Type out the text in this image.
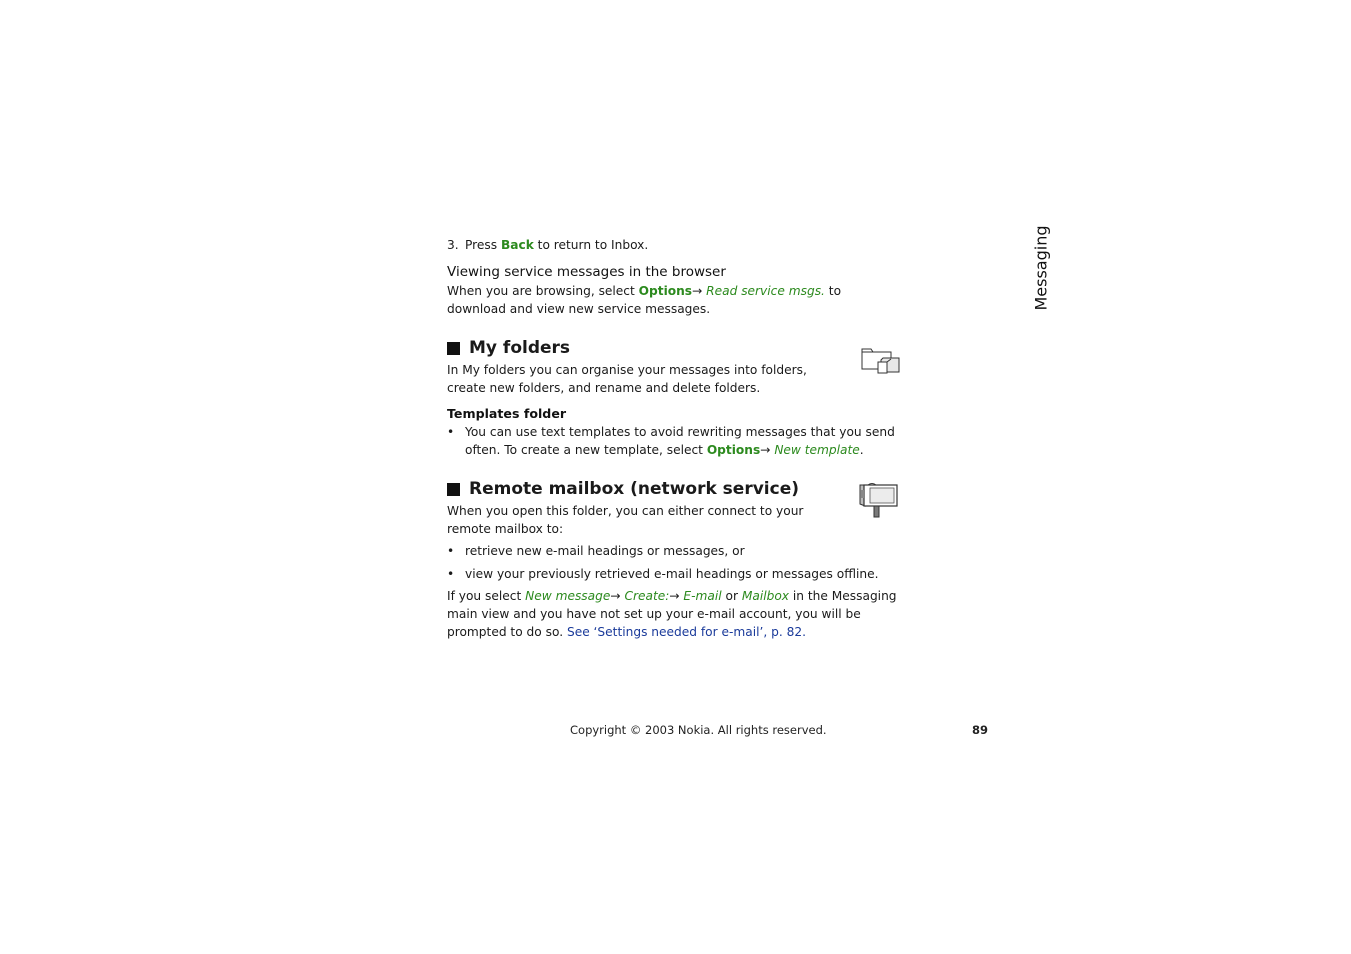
Messaging

3. Press Back to return to Inbox.

Viewing service messages in the browser

When you are browsing, select Options→ Read service msgs. to download and view new service messages.

My folders

In My folders you can organise your messages into folders, create new folders, and rename and delete folders.

Templates folder
• You can use text templates to avoid rewriting messages that you send often. To create a new template, select Options→ New template.
Remote mailbox (network service)

When you open this folder, you can either connect to your remote mailbox to:

• retrieve new e-mail headings or messages, or
• view your previously retrieved e-mail headings or messages offline.

If you select New message→ Create:→ E-mail or Mailbox in the Messaging main view and you have not set up your e-mail account, you will be prompted to do so. See ‘Settings needed for e-mail’, p. 82.

Copyright © 2003 Nokia. All rights reserved.	89
